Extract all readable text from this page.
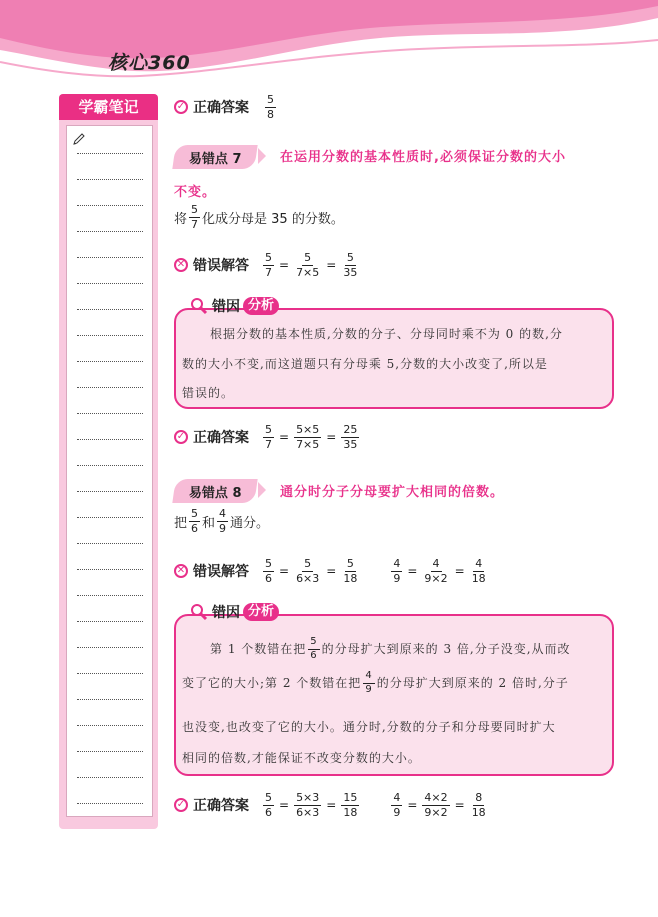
核心360
学霸笔记	✓ 正确答案 $\frac{5}{8}$
易错点 7	在运用分数的基本性质时,必须保证分数的大小
不变。
将 $\frac{5}{7}$ 化成分母是 35 的分数。
✕ 错误解答 $\frac{5}{7} = \frac{5}{7\times 5} = \frac{5}{35}$
错因 分析
根据分数的基本性质,分数的分子、分母同时乘不为 0 的数,分
数的大小不变,而这道题只有分母乘 5,分数的大小改变了,所以是
错误的。
✓ 正确答案 $\frac{5}{7} = \frac{5\times 5}{7\times 5} = \frac{25}{35}$
易错点 8	通分时分子分母要扩大相同的倍数。
把 $\frac{5}{6}$ 和 $\frac{4}{9}$ 通分。
✕ 错误解答 $\frac{5}{6} = \frac{5}{6\times 3} = \frac{5}{18}$	$\frac{4}{9} = \frac{4}{9\times 2} = \frac{4}{18}$
错因 分析
第 1 个数错在把 $\frac{5}{6}$ 的分母扩大到原来的 3 倍,分子没变,从而改
变了它的大小;第 2 个数错在把 $\frac{4}{9}$ 的分母扩大到原来的 2 倍时,分子
也没变,也改变了它的大小。通分时,分数的分子和分母要同时扩大
相同的倍数,才能保证不改变分数的大小。
✓ 正确答案 $\frac{5}{6} = \frac{5\times 3}{6\times 3} = \frac{15}{18}$	$\frac{4}{9} = \frac{4\times 2}{9\times 2} = \frac{8}{18}$
